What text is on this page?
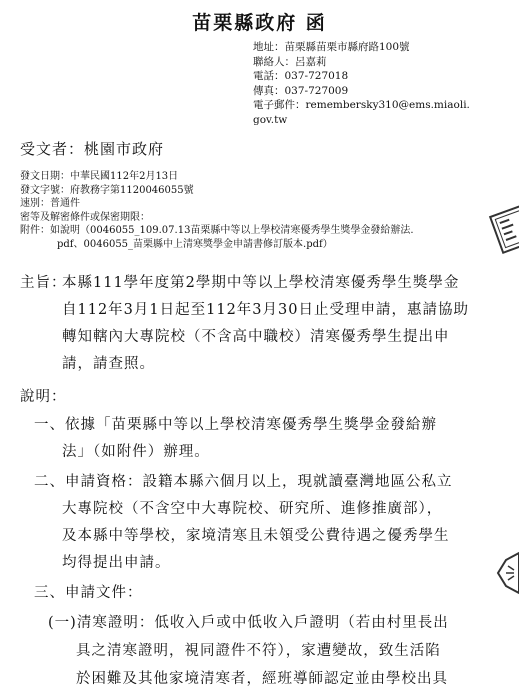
苗栗縣政府 函
地址：苗栗縣苗栗市縣府路100號
聯絡人：呂嘉莉
電話：037-727018
傳真：037-727009
電子郵件：remembersky310@ems.miaoli.
gov.tw
受文者：桃園市政府
發文日期：中華民國112年2月13日
發文字號：府教務字第1120046055號
速別：普通件
密等及解密條件或保密期限：
附件：如說明（0046055_109.07.13苗栗縣中等以上學校清寒優秀學生獎學金發給辦法.
pdf、0046055_苗栗縣中上清寒獎學金申請書修訂版本.pdf）
主旨：
本縣111學年度第2學期中等以上學校清寒優秀學生獎學金
自112年3月1日起至112年3月30日止受理申請，惠請協助
轉知轄內大專院校（不含高中職校）清寒優秀學生提出申
請，請查照。
說明：
一、依據「苗栗縣中等以上學校清寒優秀學生獎學金發給辦
法」（如附件）辦理。
二、申請資格：設籍本縣六個月以上，現就讀臺灣地區公私立
大專院校（不含空中大專院校、研究所、進修推廣部），
及本縣中等學校，家境清寒且未領受公費待遇之優秀學生
均得提出申請。
三、申請文件：
(一)清寒證明：低收入戶或中低收入戶證明（若由村里長出
具之清寒證明，視同證件不符），家遭變故，致生活陷
於困難及其他家境清寒者，經班導師認定並由學校出具
